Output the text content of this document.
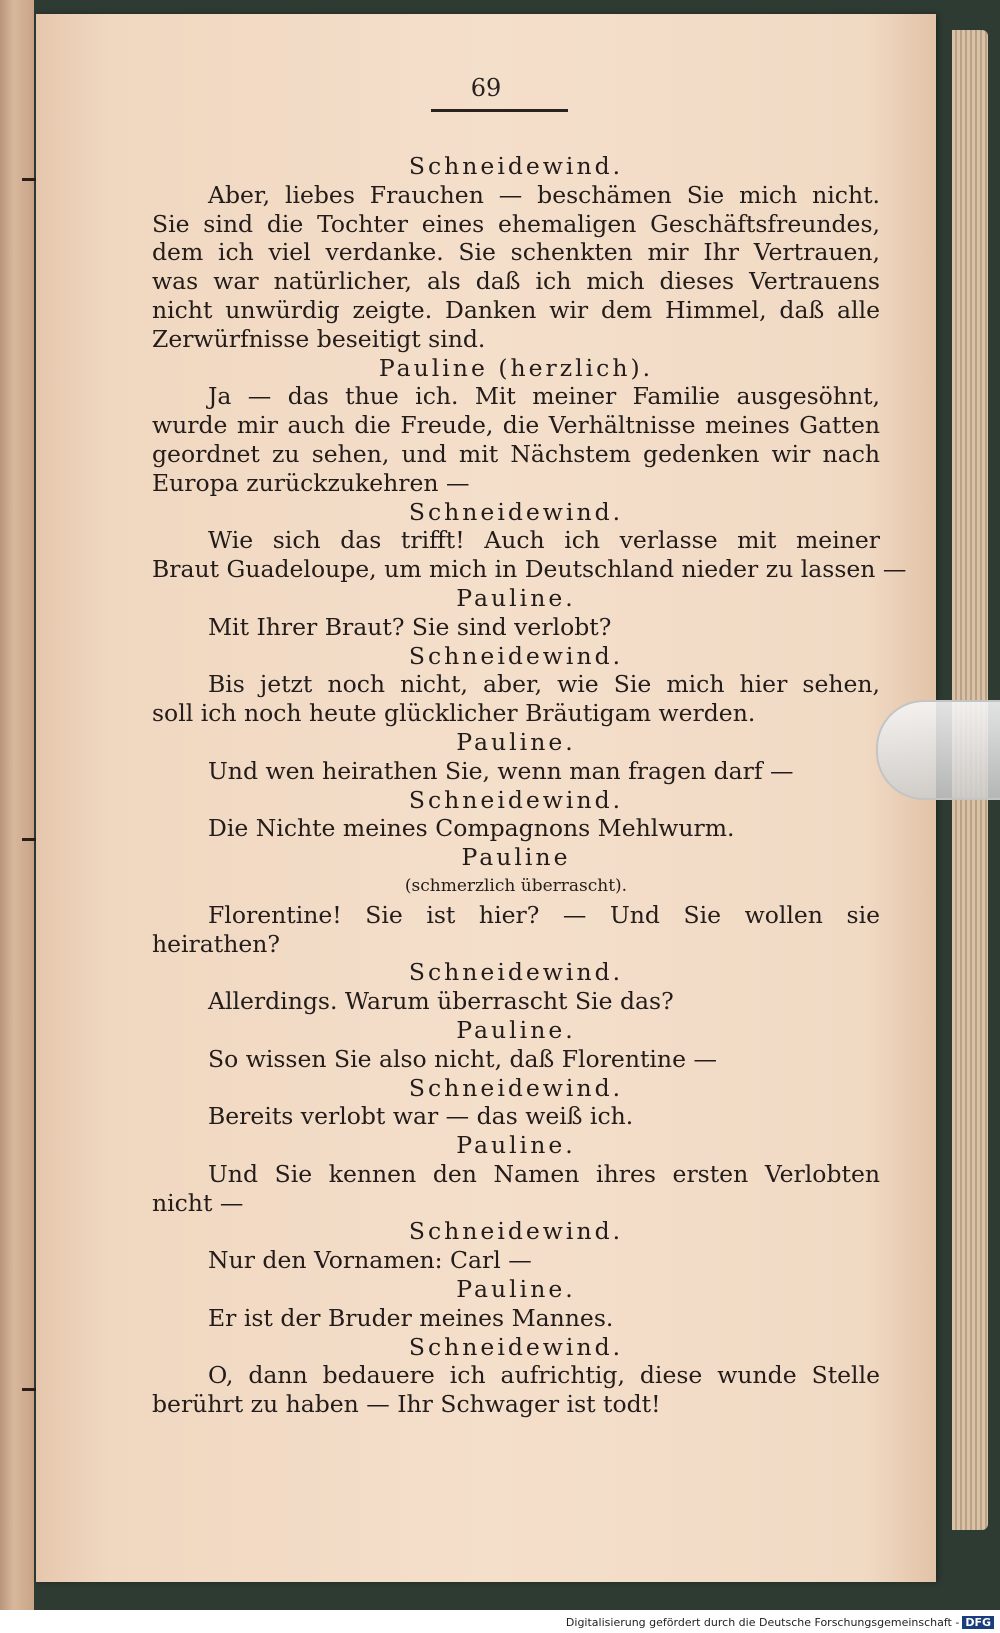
69
Schneidewind.
Aber, liebes Frauchen — beschämen Sie mich nicht.
Sie sind die Tochter eines ehemaligen Geschäftsfreundes,
dem ich viel verdanke. Sie schenkten mir Ihr Vertrauen,
was war natürlicher, als daß ich mich dieses Vertrauens
nicht unwürdig zeigte. Danken wir dem Himmel, daß alle
Zerwürfnisse beseitigt sind.
Pauline (herzlich).
Ja — das thue ich. Mit meiner Familie ausgesöhnt,
wurde mir auch die Freude, die Verhältnisse meines Gatten
geordnet zu sehen, und mit Nächstem gedenken wir nach
Europa zurückzukehren —
Schneidewind.
Wie sich das trifft! Auch ich verlasse mit meiner
Braut Guadeloupe, um mich in Deutschland nieder zu lassen —
Pauline.
Mit Ihrer Braut? Sie sind verlobt?
Schneidewind.
Bis jetzt noch nicht, aber, wie Sie mich hier sehen,
soll ich noch heute glücklicher Bräutigam werden.
Pauline.
Und wen heirathen Sie, wenn man fragen darf —
Schneidewind.
Die Nichte meines Compagnons Mehlwurm.
Pauline
(schmerzlich überrascht).
Florentine! Sie ist hier? — Und Sie wollen sie
heirathen?
Schneidewind.
Allerdings. Warum überrascht Sie das?
Pauline.
So wissen Sie also nicht, daß Florentine —
Schneidewind.
Bereits verlobt war — das weiß ich.
Pauline.
Und Sie kennen den Namen ihres ersten Verlobten
nicht —
Schneidewind.
Nur den Vornamen: Carl —
Pauline.
Er ist der Bruder meines Mannes.
Schneidewind.
O, dann bedauere ich aufrichtig, diese wunde Stelle
berührt zu haben — Ihr Schwager ist todt!
Digitalisierung gefördert durch die Deutsche Forschungsgemeinschaft - DFG
